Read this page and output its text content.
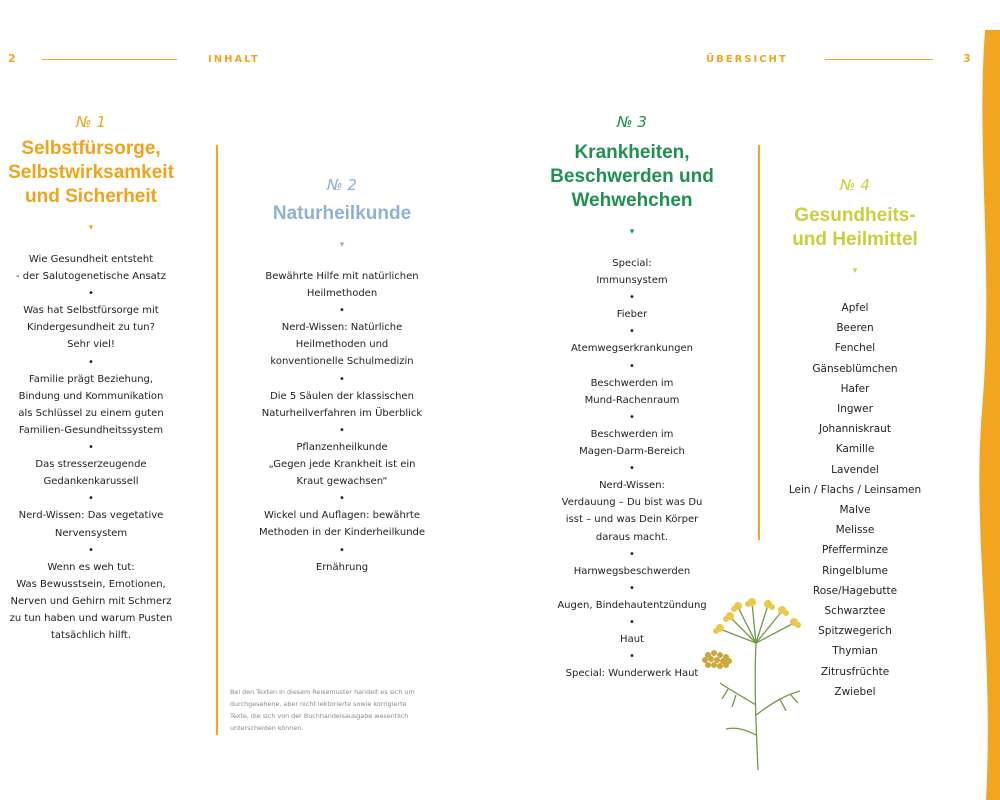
2	INHALT	ÜBERSICHT	3
№ 1
Selbstfürsorge,
Selbstwirksamkeit
und Sicherheit
▾
Wie Gesundheit entsteht
- der Salutogenetische Ansatz
•
Was hat Selbstfürsorge mit
Kindergesundheit zu tun?
Sehr viel!
•
Familie prägt Beziehung,
Bindung und Kommunikation
als Schlüssel zu einem guten
Familien-Gesundheitssystem
•
Das stresserzeugende
Gedankenkarussell
•
Nerd-Wissen: Das vegetative
Nervensystem
•
Wenn es weh tut:
Was Bewusstsein, Emotionen,
Nerven und Gehirn mit Schmerz
zu tun haben und warum Pusten
tatsächlich hilft.
№ 2
Naturheilkunde
▾
Bewährte Hilfe mit natürlichen
Heilmethoden
•
Nerd-Wissen: Natürliche
Heilmethoden und
konventionelle Schulmedizin
•
Die 5 Säulen der klassischen
Naturheilverfahren im Überblick
•
Pflanzenheilkunde
„Gegen jede Krankheit ist ein
Kraut gewachsen“
•
Wickel und Auflagen: bewährte
Methoden in der Kinderheilkunde
•
Ernährung
Bei den Texten in diesem Reisemuster handelt es sich um
durchgesehene, aber nicht lektorierte sowie korrigierte
Texte, die sich von der Buchhandelsausgabe wesentlich
unterscheiden können.
№ 3
Krankheiten,
Beschwerden und
Wehwehchen
▾
Special:
Immunsystem
•
Fieber
•
Atemwegserkrankungen
•
Beschwerden im
Mund-Rachenraum
•
Beschwerden im
Magen-Darm-Bereich
•
Nerd-Wissen:
Verdauung – Du bist was Du
isst – und was Dein Körper
daraus macht.
•
Harnwegsbeschwerden
•
Augen, Bindehautentzündung
•
Haut
•
Special: Wunderwerk Haut
№ 4
Gesundheits-
und Heilmittel
▾
Apfel
Beeren
Fenchel
Gänseblümchen
Hafer
Ingwer
Johanniskraut
Kamille
Lavendel
Lein / Flachs / Leinsamen
Malve
Melisse
Pfefferminze
Ringelblume
Rose/Hagebutte
Schwarztee
Spitzwegerich
Thymian
Zitrusfrüchte
Zwiebel
